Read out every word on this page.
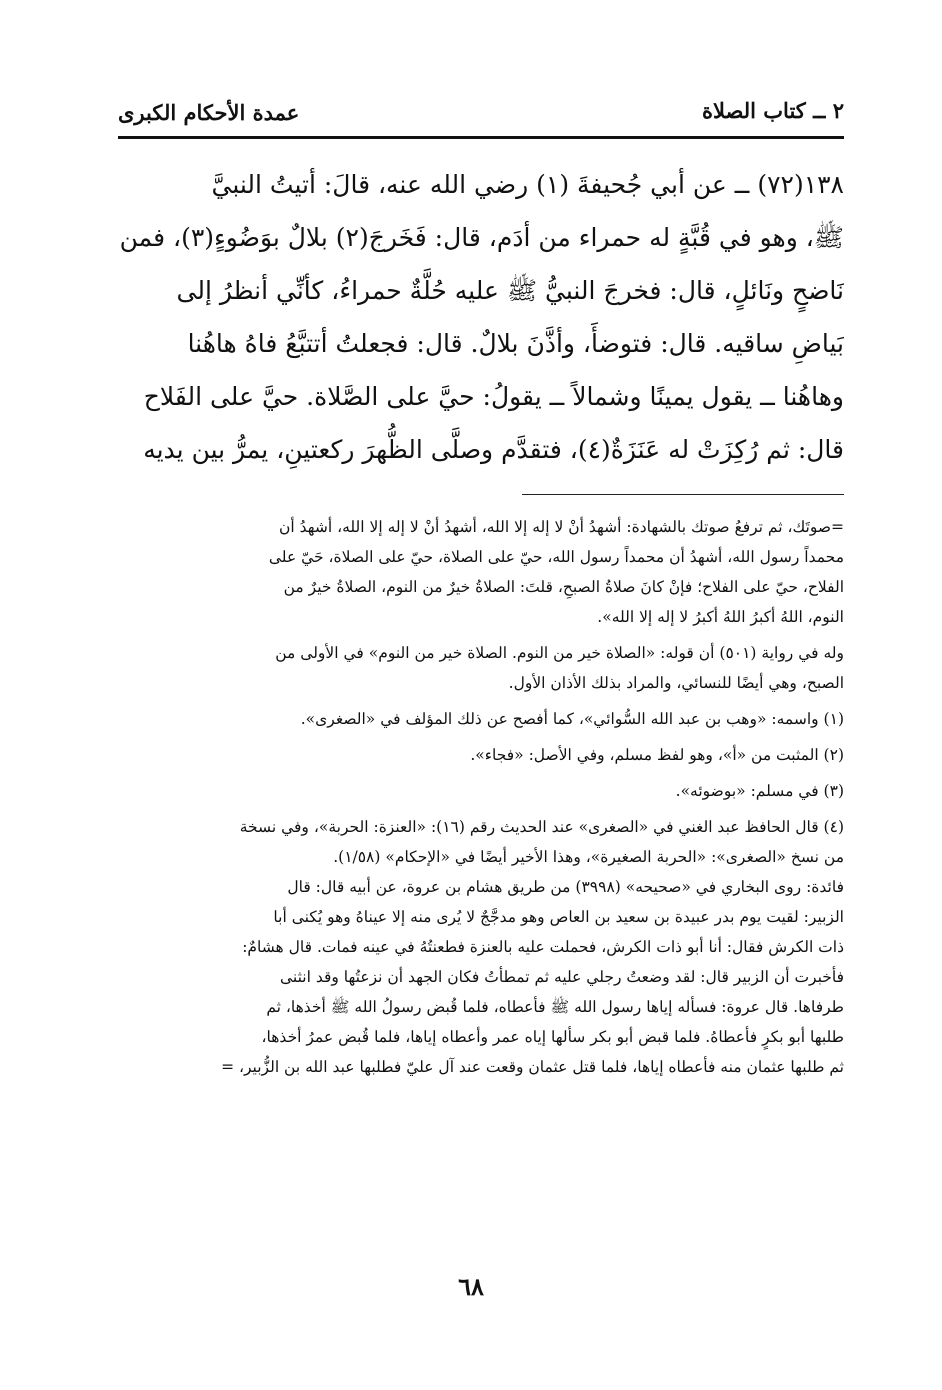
٢ ــ كتاب الصلاة
عمدة الأحكام الكبرى
١٣٨(٧٢) ــ عن أبي جُحيفةَ (١) رضي الله عنه، قالَ: أتيتُ النبيَّ
ﷺ، وهو في قُبَّةٍ له حمراء من أدَم، قال: فَخَرجَ(٢) بلالٌ بوَضُوءٍ(٣)، فمن
نَاضحٍ ونَائلٍ، قال: فخرجَ النبيُّ ﷺ عليه حُلَّةٌ حمراءُ، كأنِّي أنظرُ إلى
بَياضِ ساقيه. قال: فتوضأَ، وأذَّنَ بلالٌ. قال: فجعلتُ أتتبَّعُ فاهُ هاهُنا
وهاهُنا ــ يقول يمينًا وشمالاً ــ يقولُ: حيَّ على الصَّلاة. حيَّ على الفَلاح
قال: ثم رُكِزَتْ له عَنَزَةٌ(٤)، فتقدَّم وصلَّى الظُّهرَ ركعتينِ، يمرُّ بين يديه
=صوتَك، ثم ترفعُ صوتك بالشهادة: أشهدُ أنْ لا إله إلا الله، أشهدُ أنْ لا إله إلا الله، أشهدُ أن
محمداً رسول الله، أشهدُ أن محمداً رسول الله، حيّ على الصلاة، حيّ على الصلاة، حَيّ على
الفلاح، حيّ على الفلاح؛ فإنْ كانَ صلاةُ الصبحِ، قلتَ: الصلاةُ خيرٌ من النوم، الصلاةُ خيرٌ من
النوم، اللهُ أكبرُ اللهُ أكبرُ لا إله إلا الله».
وله في رواية (٥٠١) أن قوله: «الصلاة خير من النوم. الصلاة خير من النوم» في الأولى من
الصبح، وهي أيضًا للنسائي، والمراد بذلك الأذان الأول.
(١) واسمه: «وهب بن عبد الله السُّوائي»، كما أفصح عن ذلك المؤلف في «الصغرى».
(٢) المثبت من «أ»، وهو لفظ مسلم، وفي الأصل: «فجاء».
(٣) في مسلم: «بوضوئه».
(٤) قال الحافظ عبد الغني في «الصغرى» عند الحديث رقم (١٦): «العنزة: الحربة»، وفي نسخة
من نسخ «الصغرى»: «الحربة الصغيرة»، وهذا الأخير أيضًا في «الإحكام» (١/٥٨).
فائدة: روى البخاري في «صحيحه» (٣٩٩٨) من طريق هشام بن عروة، عن أبيه قال: قال
الزبير: لقيت يوم بدر عبيدة بن سعيد بن العاص وهو مدجَّجٌ لا يُرى منه إلا عيناهُ وهو يُكنى أبا
ذات الكرش فقال: أنا أبو ذات الكرش، فحملت عليه بالعنزة فطعنتُهُ في عينه فمات. قال هشامٌ:
فأخبرت أن الزبير قال: لقد وضعتُ رجلي عليه ثم تمطأتُ فكان الجهد أن نزعتُها وقد انثنى
طرفاها. قال عروة: فسأله إياها رسول الله ﷺ فأعطاه، فلما قُبض رسولُ الله ﷺ أخذها، ثم
طلبها أبو بكرٍ فأعطاهُ. فلما قبض أبو بكر سألها إياه عمر وأعطاه إياها، فلما قُبض عمرُ أخذها،
ثم طلبها عثمان منه فأعطاه إياها، فلما قتل عثمان وقعت عند آل عليّ فطلبها عبد الله بن الزُّبير، =
٦٨
